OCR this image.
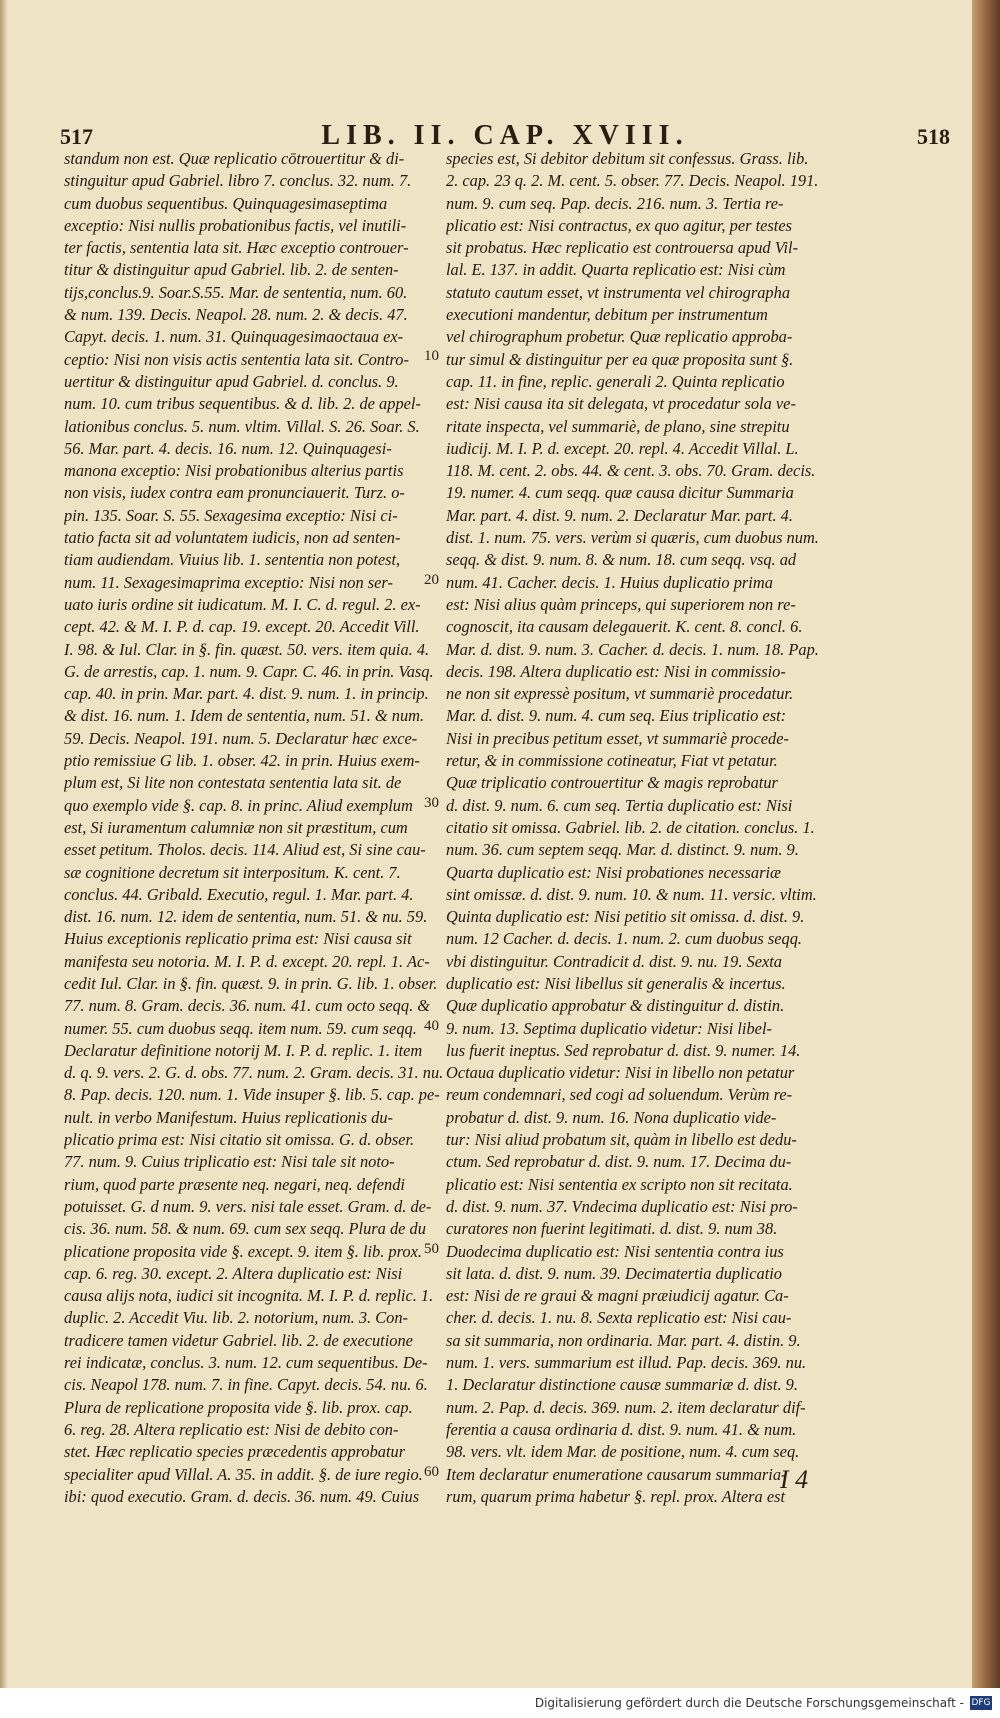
517	LIB. II. CAP. XVIII.	518
standum non est. Quæ replicatio cōtrouertitur & di-
stinguitur apud Gabriel. libro 7. conclus. 32. num. 7.
cum duobus sequentibus. Quinquagesimaseptima
exceptio: Nisi nullis probationibus factis, vel inutili-
ter factis, sententia lata sit. Hæc exceptio controuer-
titur & distinguitur apud Gabriel. lib. 2. de senten-
tijs,conclus.9. Soar.S.55. Mar. de sententia, num. 60.
& num. 139. Decis. Neapol. 28. num. 2. & decis. 47.
Capyt. decis. 1. num. 31. Quinquagesimaoctaua ex-
ceptio: Nisi non visis actis sententia lata sit. Contro-
uertitur & distinguitur apud Gabriel. d. conclus. 9.
num. 10. cum tribus sequentibus. & d. lib. 2. de appel-
lationibus conclus. 5. num. vltim. Villal. S. 26. Soar. S.
56. Mar. part. 4. decis. 16. num. 12. Quinquagesi-
manona exceptio: Nisi probationibus alterius partis
non visis, iudex contra eam pronunciauerit. Turz. o-
pin. 135. Soar. S. 55. Sexagesima exceptio: Nisi ci-
tatio facta sit ad voluntatem iudicis, non ad senten-
tiam audiendam. Viuius lib. 1. sententia non potest,
num. 11. Sexagesimaprima exceptio: Nisi non ser-
uato iuris ordine sit iudicatum. M. I. C. d. regul. 2. ex-
cept. 42. & M. I. P. d. cap. 19. except. 20. Accedit Vill.
I. 98. & Iul. Clar. in §. fin. quæst. 50. vers. item quia. 4.
G. de arrestis, cap. 1. num. 9. Capr. C. 46. in prin. Vasq.
cap. 40. in prin. Mar. part. 4. dist. 9. num. 1. in princip.
& dist. 16. num. 1. Idem de sententia, num. 51. & num.
59. Decis. Neapol. 191. num. 5. Declaratur hæc exce-
ptio remissiue G lib. 1. obser. 42. in prin. Huius exem-
plum est, Si lite non contestata sententia lata sit. de
quo exemplo vide §. cap. 8. in princ. Aliud exemplum
est, Si iuramentum calumniæ non sit præstitum, cum
esset petitum. Tholos. decis. 114. Aliud est, Si sine cau-
sæ cognitione decretum sit interpositum. K. cent. 7.
conclus. 44. Gribald. Executio, regul. 1. Mar. part. 4.
dist. 16. num. 12. idem de sententia, num. 51. & nu. 59.
Huius exceptionis replicatio prima est: Nisi causa sit
manifesta seu notoria. M. I. P. d. except. 20. repl. 1. Ac-
cedit Iul. Clar. in §. fin. quæst. 9. in prin. G. lib. 1. obser.
77. num. 8. Gram. decis. 36. num. 41. cum octo seqq. &
numer. 55. cum duobus seqq. item num. 59. cum seqq.
Declaratur definitione notorij M. I. P. d. replic. 1. item
d. q. 9. vers. 2. G. d. obs. 77. num. 2. Gram. decis. 31. nu.
8. Pap. decis. 120. num. 1. Vide insuper §. lib. 5. cap. pe-
nult. in verbo Manifestum. Huius replicationis du-
plicatio prima est: Nisi citatio sit omissa. G. d. obser.
77. num. 9. Cuius triplicatio est: Nisi tale sit noto-
rium, quod parte præsente neq. negari, neq. defendi
potuisset. G. d num. 9. vers. nisi tale esset. Gram. d. de-
cis. 36. num. 58. & num. 69. cum sex seqq. Plura de du
plicatione proposita vide §. except. 9. item §. lib. prox.
cap. 6. reg. 30. except. 2. Altera duplicatio est: Nisi
causa alijs nota, iudici sit incognita. M. I. P. d. replic. 1.
duplic. 2. Accedit Viu. lib. 2. notorium, num. 3. Con-
tradicere tamen videtur Gabriel. lib. 2. de executione
rei indicatæ, conclus. 3. num. 12. cum sequentibus. De-
cis. Neapol 178. num. 7. in fine. Capyt. decis. 54. nu. 6.
Plura de replicatione proposita vide §. lib. prox. cap.
6. reg. 28. Altera replicatio est: Nisi de debito con-
stet. Hæc replicatio species præcedentis approbatur
specialiter apud Villal. A. 35. in addit. §. de iure regio.
ibi: quod executio. Gram. d. decis. 36. num. 49. Cuius
species est, Si debitor debitum sit confessus. Grass. lib.
2. cap. 23 q. 2. M. cent. 5. obser. 77. Decis. Neapol. 191.
num. 9. cum seq. Pap. decis. 216. num. 3. Tertia re-
plicatio est: Nisi contractus, ex quo agitur, per testes
sit probatus. Hæc replicatio est controuersa apud Vil-
lal. E. 137. in addit. Quarta replicatio est: Nisi cùm
statuto cautum esset, vt instrumenta vel chirographa
executioni mandentur, debitum per instrumentum
vel chirographum probetur. Quæ replicatio approba-
tur simul & distinguitur per ea quæ proposita sunt §.
cap. 11. in fine, replic. generali 2. Quinta replicatio
est: Nisi causa ita sit delegata, vt procedatur sola ve-
ritate inspecta, vel summariè, de plano, sine strepitu
iudicij. M. I. P. d. except. 20. repl. 4. Accedit Villal. L.
118. M. cent. 2. obs. 44. & cent. 3. obs. 70. Gram. decis.
19. numer. 4. cum seqq. quæ causa dicitur Summaria
Mar. part. 4. dist. 9. num. 2. Declaratur Mar. part. 4.
dist. 1. num. 75. vers. verùm si quæris, cum duobus num.
seqq. & dist. 9. num. 8. & num. 18. cum seqq. vsq. ad
num. 41. Cacher. decis. 1. Huius duplicatio prima
est: Nisi alius quàm princeps, qui superiorem non re-
cognoscit, ita causam delegauerit. K. cent. 8. concl. 6.
Mar. d. dist. 9. num. 3. Cacher. d. decis. 1. num. 18. Pap.
decis. 198. Altera duplicatio est: Nisi in commissio-
ne non sit expressè positum, vt summariè procedatur.
Mar. d. dist. 9. num. 4. cum seq. Eius triplicatio est:
Nisi in precibus petitum esset, vt summariè procede-
retur, & in commissione cotineatur, Fiat vt petatur.
Quæ triplicatio controuertitur & magis reprobatur
d. dist. 9. num. 6. cum seq. Tertia duplicatio est: Nisi
citatio sit omissa. Gabriel. lib. 2. de citation. conclus. 1.
num. 36. cum septem seqq. Mar. d. distinct. 9. num. 9.
Quarta duplicatio est: Nisi probationes necessariæ
sint omissæ. d. dist. 9. num. 10. & num. 11. versic. vltim.
Quinta duplicatio est: Nisi petitio sit omissa. d. dist. 9.
num. 12 Cacher. d. decis. 1. num. 2. cum duobus seqq.
vbi distinguitur. Contradicit d. dist. 9. nu. 19. Sexta
duplicatio est: Nisi libellus sit generalis & incertus.
Quæ duplicatio approbatur & distinguitur d. distin.
9. num. 13. Septima duplicatio videtur: Nisi libel-
lus fuerit ineptus. Sed reprobatur d. dist. 9. numer. 14.
Octaua duplicatio videtur: Nisi in libello non petatur
reum condemnari, sed cogi ad soluendum. Verùm re-
probatur d. dist. 9. num. 16. Nona duplicatio vide-
tur: Nisi aliud probatum sit, quàm in libello est dedu-
ctum. Sed reprobatur d. dist. 9. num. 17. Decima du-
plicatio est: Nisi sententia ex scripto non sit recitata.
d. dist. 9. num. 37. Vndecima duplicatio est: Nisi pro-
curatores non fuerint legitimati. d. dist. 9. num 38.
Duodecima duplicatio est: Nisi sententia contra ius
sit lata. d. dist. 9. num. 39. Decimatertia duplicatio
est: Nisi de re graui & magni præiudicij agatur. Ca-
cher. d. decis. 1. nu. 8. Sexta replicatio est: Nisi cau-
sa sit summaria, non ordinaria. Mar. part. 4. distin. 9.
num. 1. vers. summarium est illud. Pap. decis. 369. nu.
1. Declaratur distinctione causæ summariæ d. dist. 9.
num. 2. Pap. d. decis. 369. num. 2. item declaratur dif-
ferentia a causa ordinaria d. dist. 9. num. 41. & num.
98. vers. vlt. idem Mar. de positione, num. 4. cum seq.
Item declaratur enumeratione causarum summaria-
rum, quarum prima habetur §. repl. prox. Altera est
10
20
30
40
50
60	I 4
Digitalisierung gefördert durch die Deutsche Forschungsgemeinschaft - DFG
